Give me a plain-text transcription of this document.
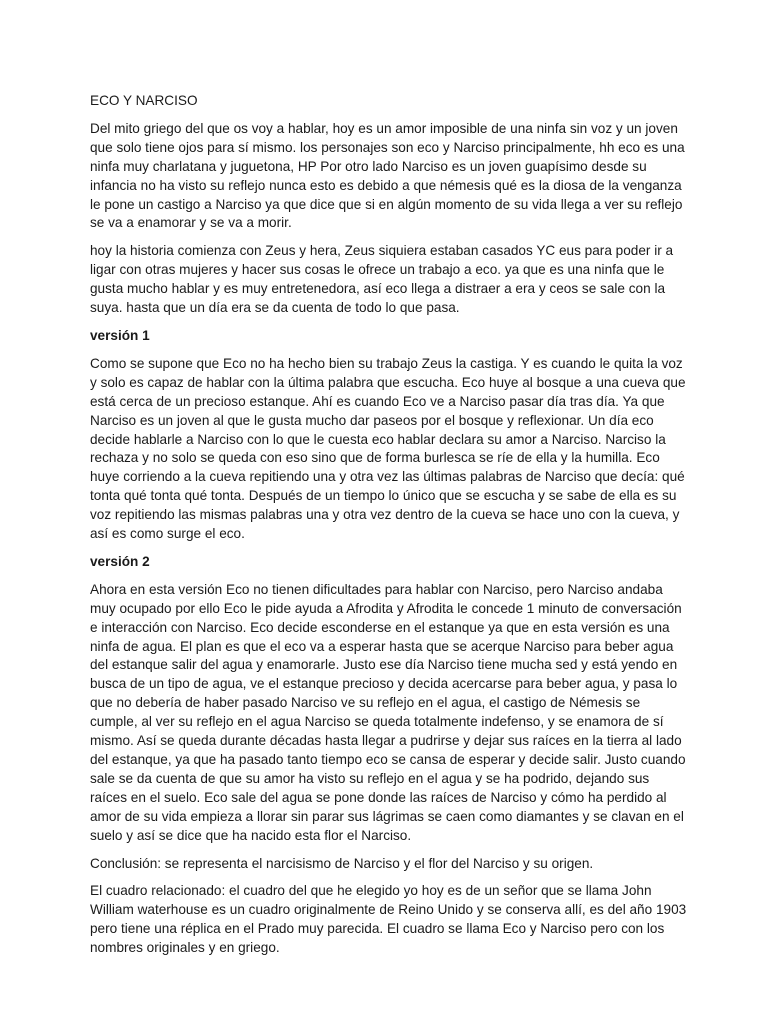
ECO Y NARCISO

Del mito griego del que os voy a hablar, hoy es un amor imposible de una ninfa sin voz y un joven que solo tiene ojos para sí mismo. los personajes son eco y Narciso principalmente, hh eco es una ninfa muy charlatana y juguetona, HP Por otro lado Narciso es un joven guapísimo desde su infancia no ha visto su reflejo nunca esto es debido a que némesis qué es la diosa de la venganza le pone un castigo a Narciso ya que dice que si en algún momento de su vida llega a ver su reflejo se va a enamorar y se va a morir.

hoy la historia comienza con Zeus y hera, Zeus siquiera estaban casados YC eus para poder ir a ligar con otras mujeres y hacer sus cosas le ofrece un trabajo a eco. ya que es una ninfa que le gusta mucho hablar y es muy entretenedora, así eco llega a distraer a era y ceos se sale con la suya. hasta que un día era se da cuenta de todo lo que pasa.

versión 1

Como se supone que Eco no ha hecho bien su trabajo Zeus la castiga. Y es cuando le quita la voz y solo es capaz de hablar con la última palabra que escucha. Eco huye al bosque a una cueva que está cerca de un precioso estanque. Ahí es cuando Eco ve a Narciso pasar día tras día. Ya que Narciso es un joven al que le gusta mucho dar paseos por el bosque y reflexionar. Un día eco decide hablarle a Narciso con lo que le cuesta eco hablar declara su amor a Narciso. Narciso la rechaza y no solo se queda con eso sino que de forma burlesca se ríe de ella y la humilla. Eco huye corriendo a la cueva repitiendo una y otra vez las últimas palabras de Narciso que decía: qué tonta qué tonta qué tonta. Después de un tiempo lo único que se escucha y se sabe de ella es su voz repitiendo las mismas palabras una y otra vez dentro de la cueva se hace uno con la cueva, y así es como surge el eco.

versión 2

Ahora en esta versión Eco no tienen dificultades para hablar con Narciso, pero Narciso andaba muy ocupado por ello Eco le pide ayuda a Afrodita y Afrodita le concede 1 minuto de conversación e interacción con Narciso. Eco decide esconderse en el estanque ya que en esta versión es una ninfa de agua. El plan es que el eco va a esperar hasta que se acerque Narciso para beber agua del estanque salir del agua y enamorarle. Justo ese día Narciso tiene mucha sed y está yendo en busca de un tipo de agua, ve el estanque precioso y decida acercarse para beber agua, y pasa lo que no debería de haber pasado Narciso ve su reflejo en el agua, el castigo de Némesis se cumple, al ver su reflejo en el agua Narciso se queda totalmente indefenso, y se enamora de sí mismo. Así se queda durante décadas hasta llegar a pudrirse y dejar sus raíces en la tierra al lado del estanque, ya que ha pasado tanto tiempo eco se cansa de esperar y decide salir. Justo cuando sale se da cuenta de que su amor ha visto su reflejo en el agua y se ha podrido, dejando sus raíces en el suelo. Eco sale del agua se pone donde las raíces de Narciso y cómo ha perdido al amor de su vida empieza a llorar sin parar sus lágrimas se caen como diamantes y se clavan en el suelo y así se dice que ha nacido esta flor el Narciso.

Conclusión: se representa el narcisismo de Narciso y el flor del Narciso y su origen.

El cuadro relacionado: el cuadro del que he elegido yo hoy es de un señor que se llama John William waterhouse es un cuadro originalmente de Reino Unido y se conserva allí, es del año 1903 pero tiene una réplica en el Prado muy parecida. El cuadro se llama Eco y Narciso pero con los nombres originales y en griego.
